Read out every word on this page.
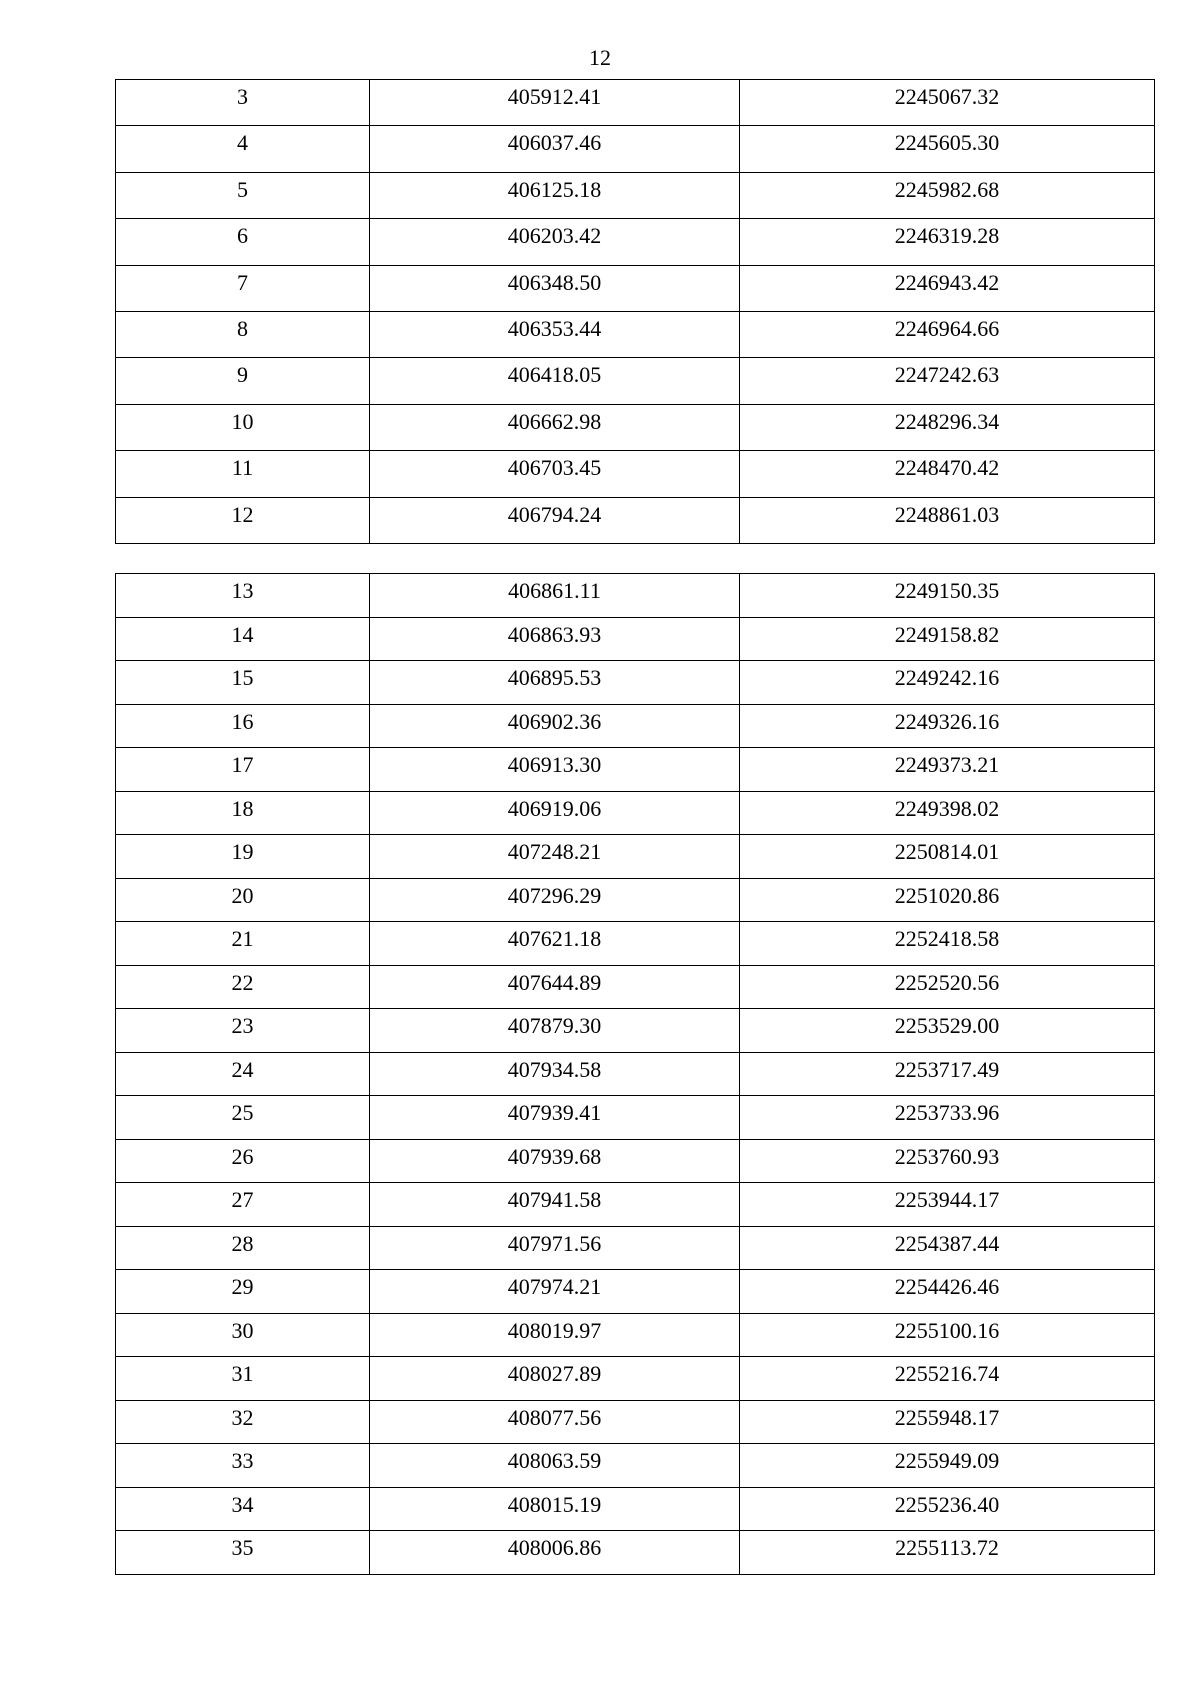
12
3	405912.41	2245067.32
4	406037.46	2245605.30
5	406125.18	2245982.68
6	406203.42	2246319.28
7	406348.50	2246943.42
8	406353.44	2246964.66
9	406418.05	2247242.63
10	406662.98	2248296.34
11	406703.45	2248470.42
12	406794.24	2248861.03
13	406861.11	2249150.35
14	406863.93	2249158.82
15	406895.53	2249242.16
16	406902.36	2249326.16
17	406913.30	2249373.21
18	406919.06	2249398.02
19	407248.21	2250814.01
20	407296.29	2251020.86
21	407621.18	2252418.58
22	407644.89	2252520.56
23	407879.30	2253529.00
24	407934.58	2253717.49
25	407939.41	2253733.96
26	407939.68	2253760.93
27	407941.58	2253944.17
28	407971.56	2254387.44
29	407974.21	2254426.46
30	408019.97	2255100.16
31	408027.89	2255216.74
32	408077.56	2255948.17
33	408063.59	2255949.09
34	408015.19	2255236.40
35	408006.86	2255113.72
